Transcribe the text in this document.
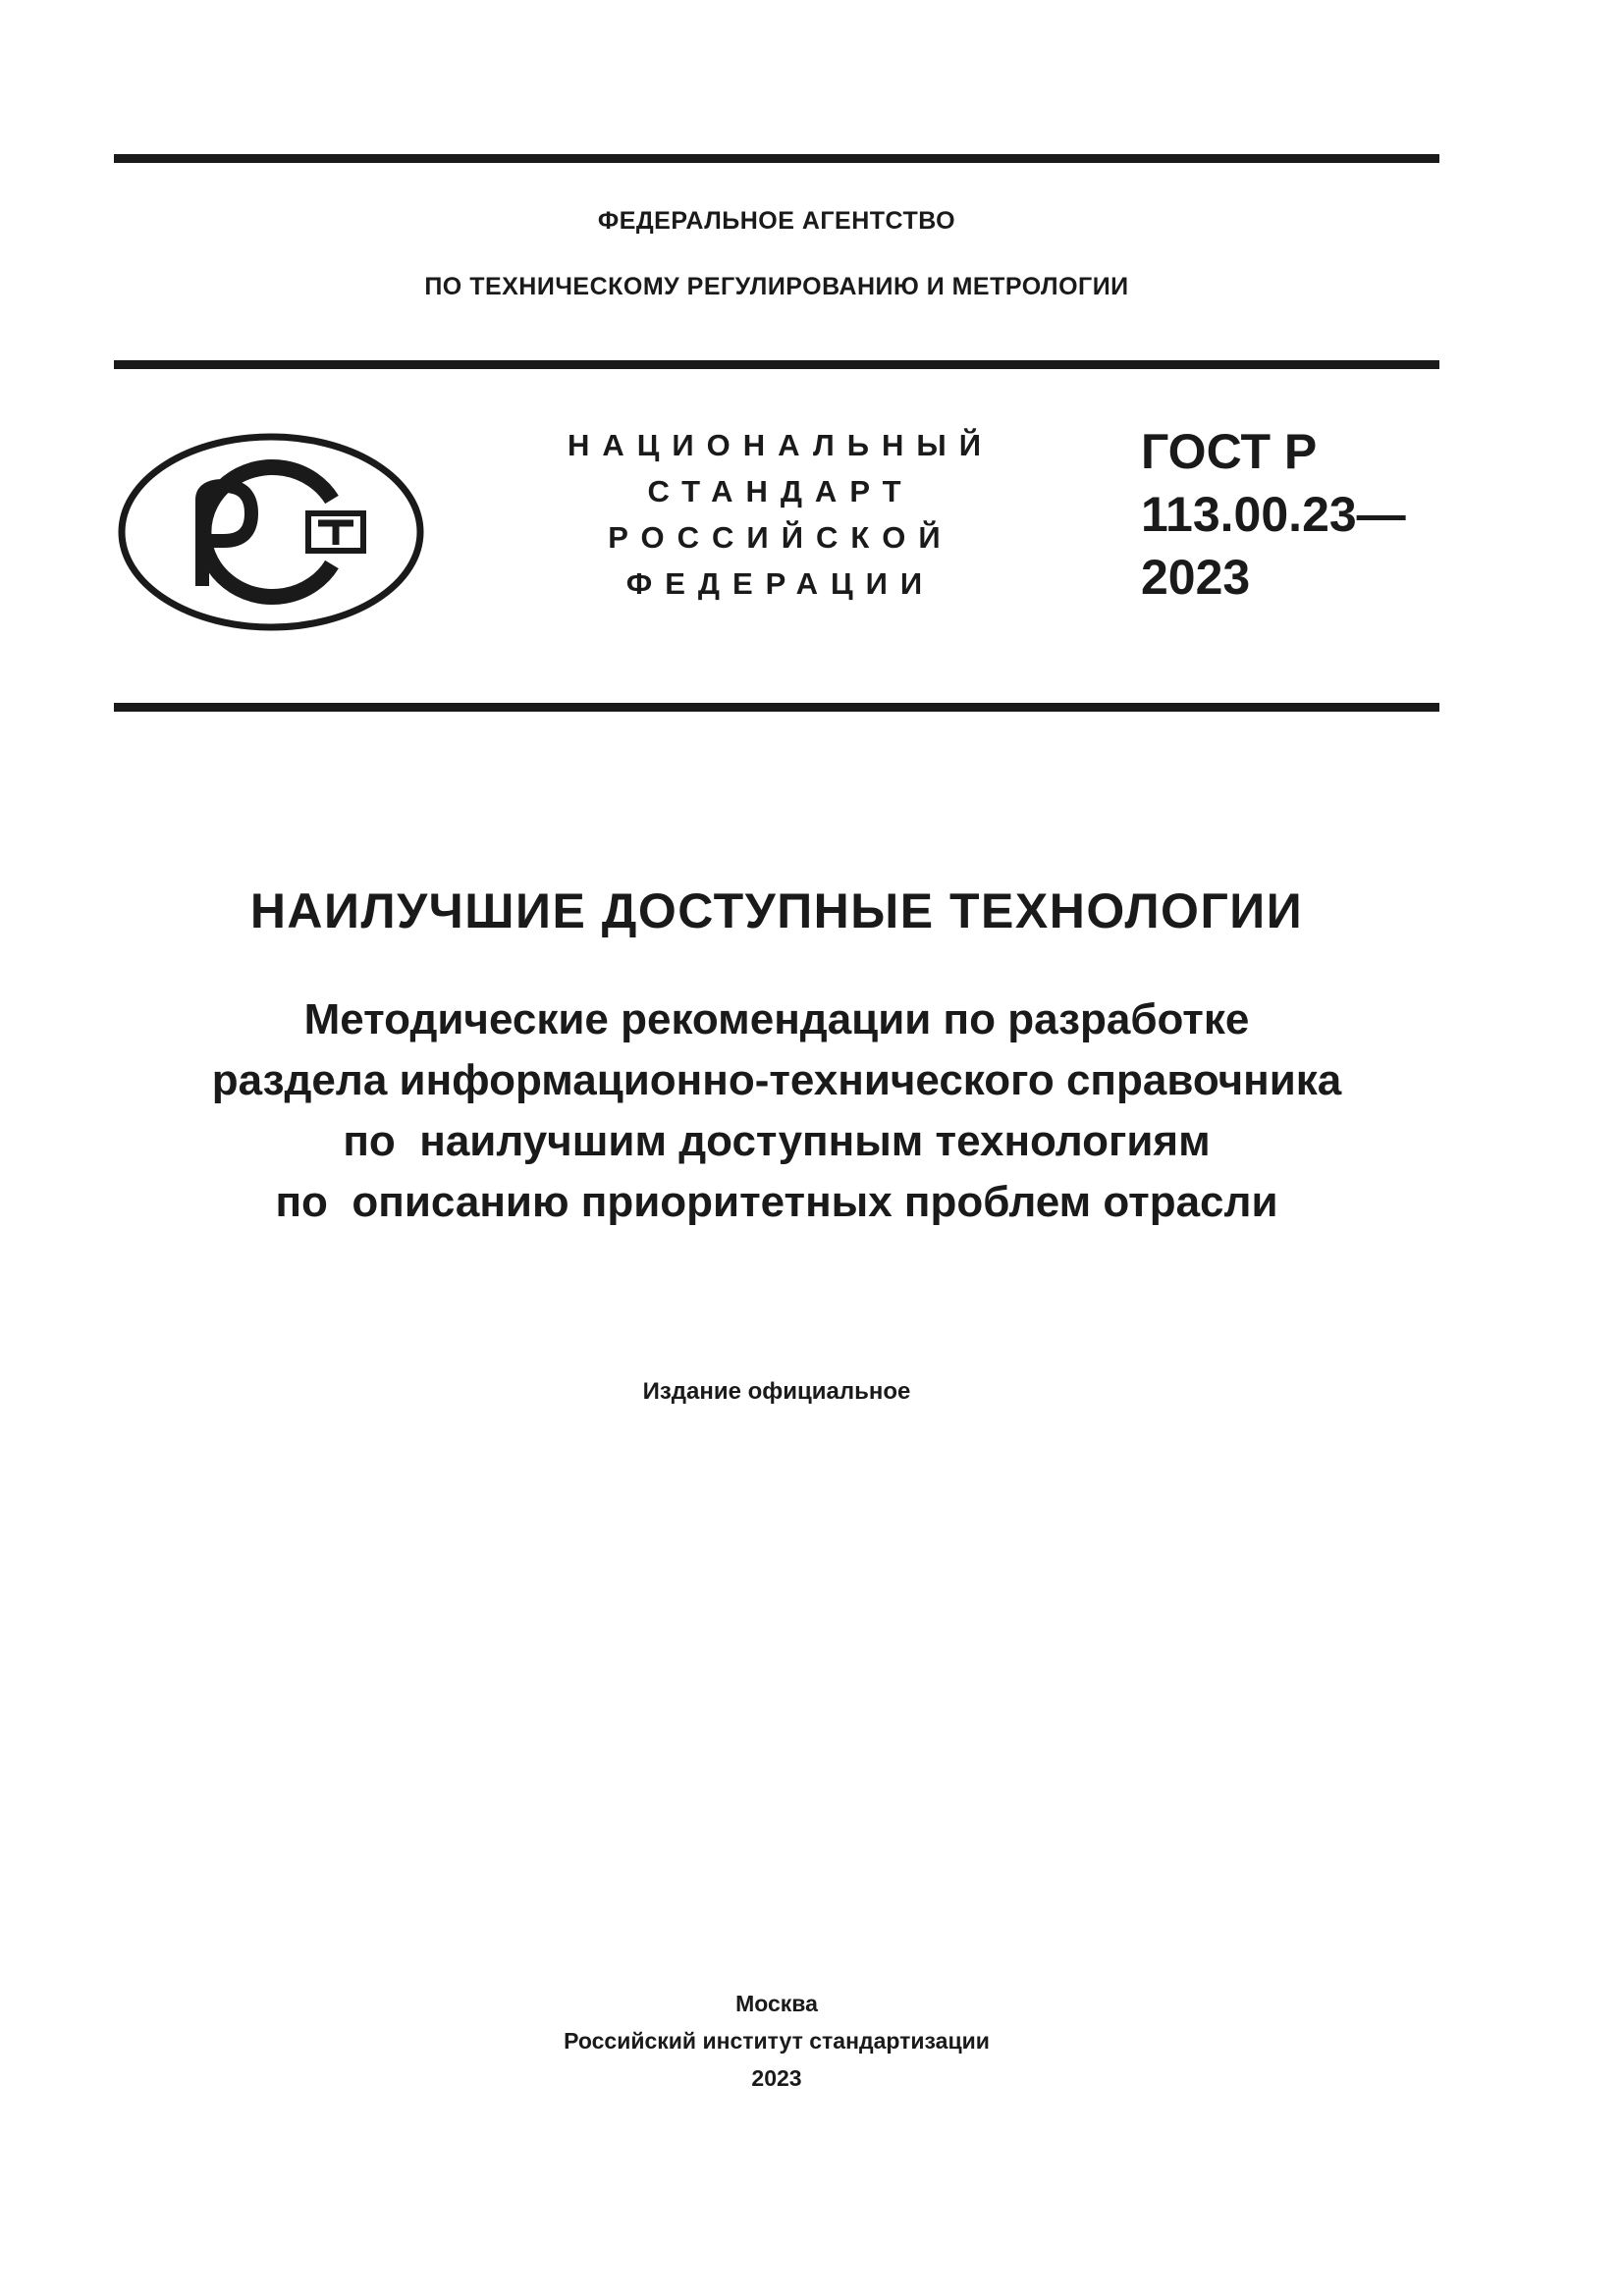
ФЕДЕРАЛЬНОЕ АГЕНТСТВО
ПО ТЕХНИЧЕСКОМУ РЕГУЛИРОВАНИЮ И МЕТРОЛОГИИ
НАЦИОНАЛЬНЫЙ
СТАНДАРТ
РОССИЙСКОЙ
ФЕДЕРАЦИИ
ГОСТ Р
113.00.23—
2023
НАИЛУЧШИЕ ДОСТУПНЫЕ ТЕХНОЛОГИИ
Методические рекомендации по разработке
раздела информационно-технического справочника
по  наилучшим доступным технологиям
по  описанию приоритетных проблем отрасли
Издание официальное
Москва
Российский институт стандартизации
2023
